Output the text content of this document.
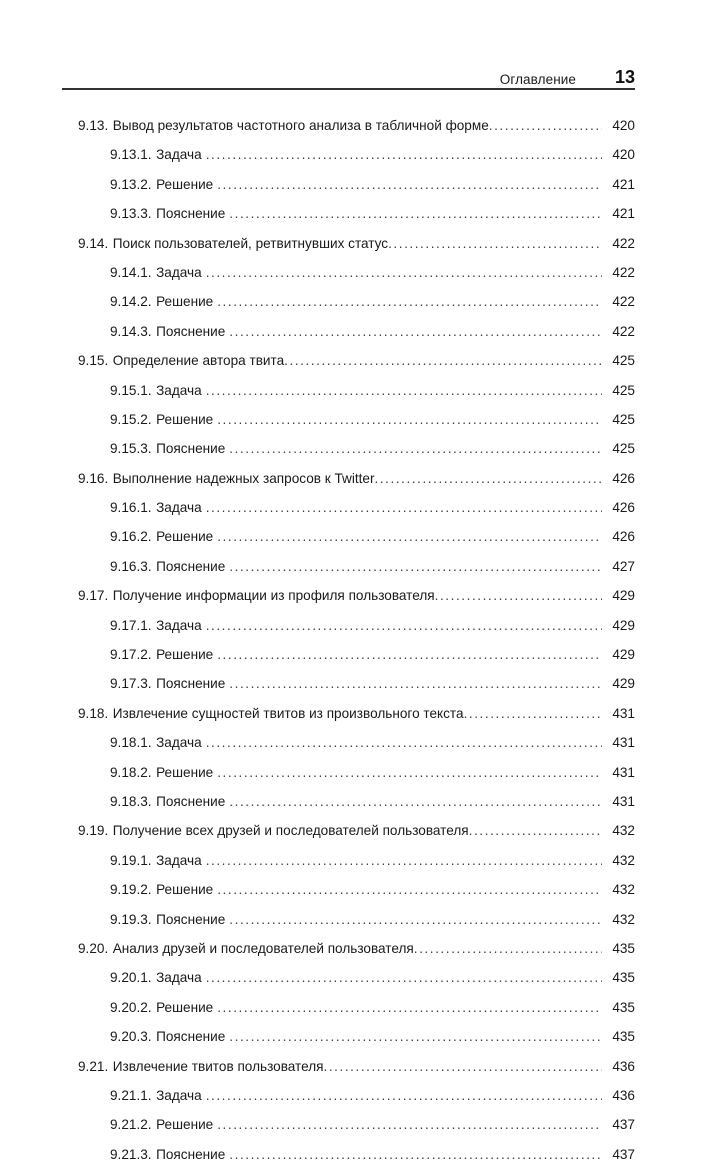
Оглавление	13
9.13. Вывод результатов частотного анализа в табличной форме .....	420
9.13.1. Задача .....	420
9.13.2. Решение .....	421
9.13.3. Пояснение .....	421
9.14. Поиск пользователей, ретвитнувших статус .....	422
9.14.1. Задача .....	422
9.14.2. Решение .....	422
9.14.3. Пояснение .....	422
9.15. Определение автора твита .....	425
9.15.1. Задача .....	425
9.15.2. Решение .....	425
9.15.3. Пояснение .....	425
9.16. Выполнение надежных запросов к Twitter .....	426
9.16.1. Задача .....	426
9.16.2. Решение .....	426
9.16.3. Пояснение .....	427
9.17. Получение информации из профиля пользователя .....	429
9.17.1. Задача .....	429
9.17.2. Решение .....	429
9.17.3. Пояснение .....	429
9.18. Извлечение сущностей твитов из произвольного текста .....	431
9.18.1. Задача .....	431
9.18.2. Решение .....	431
9.18.3. Пояснение .....	431
9.19. Получение всех друзей и последователей пользователя .....	432
9.19.1. Задача .....	432
9.19.2. Решение .....	432
9.19.3. Пояснение .....	432
9.20. Анализ друзей и последователей пользователя .....	435
9.20.1. Задача .....	435
9.20.2. Решение .....	435
9.20.3. Пояснение .....	435
9.21. Извлечение твитов пользователя .....	436
9.21.1. Задача .....	436
9.21.2. Решение .....	437
9.21.3. Пояснение .....	437
